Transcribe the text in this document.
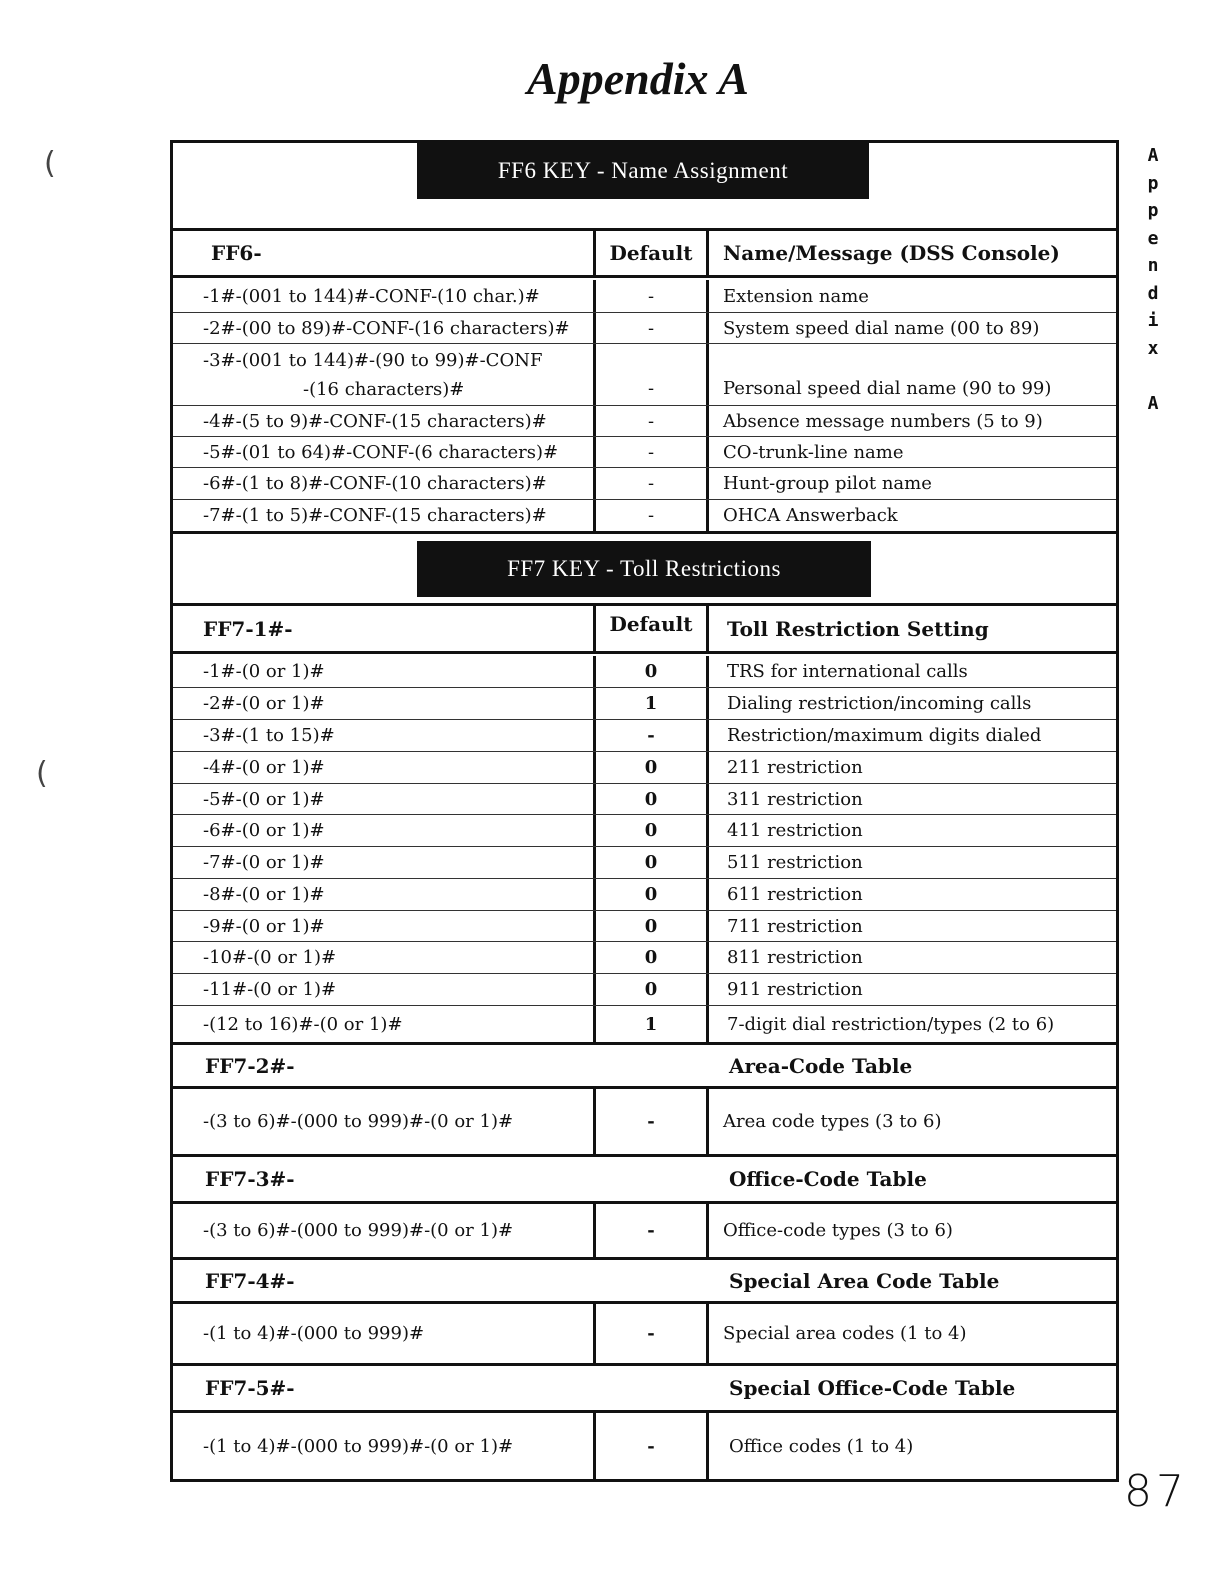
Appendix A
(
(
FF6 KEY - Name Assignment
FF6-	Default	Name/Message (DSS Console)
-1#-(001 to 144)#-CONF-(10 char.)#	-	Extension name
-2#-(00 to 89)#-CONF-(16 characters)#	-	System speed dial name (00 to 89)
-3#-(001 to 144)#-(90 to 99)#-CONF
-(16 characters)#	-	Personal speed dial name (90 to 99)
-4#-(5 to 9)#-CONF-(15 characters)#	-	Absence message numbers (5 to 9)
-5#-(01 to 64)#-CONF-(6 characters)#	-	CO-trunk-line name
-6#-(1 to 8)#-CONF-(10 characters)#	-	Hunt-group pilot name
-7#-(1 to 5)#-CONF-(15 characters)#	-	OHCA Answerback
FF7 KEY - Toll Restrictions
FF7-1#-	Default	Toll Restriction Setting
-1#-(0 or 1)#	0	TRS for international calls
-2#-(0 or 1)#	1	Dialing restriction/incoming calls
-3#-(1 to 15)#	-	Restriction/maximum digits dialed
-4#-(0 or 1)#	0	211 restriction
-5#-(0 or 1)#	0	311 restriction
-6#-(0 or 1)#	0	411 restriction
-7#-(0 or 1)#	0	511 restriction
-8#-(0 or 1)#	0	611 restriction
-9#-(0 or 1)#	0	711 restriction
-10#-(0 or 1)#	0	811 restriction
-11#-(0 or 1)#	0	911 restriction
-(12 to 16)#-(0 or 1)#	1	7-digit dial restriction/types (2 to 6)
FF7-2#-	Area-Code Table
-(3 to 6)#-(000 to 999)#-(0 or 1)#	-	Area code types (3 to 6)
FF7-3#-	Office-Code Table
-(3 to 6)#-(000 to 999)#-(0 or 1)#	-	Office-code types (3 to 6)
FF7-4#-	Special Area Code Table
-(1 to 4)#-(000 to 999)#	-	Special area codes (1 to 4)
FF7-5#-	Special Office-Code Table
-(1 to 4)#-(000 to 999)#-(0 or 1)#	-	Office codes (1 to 4)
A
p
p
e
n
d
i
x
A
87
